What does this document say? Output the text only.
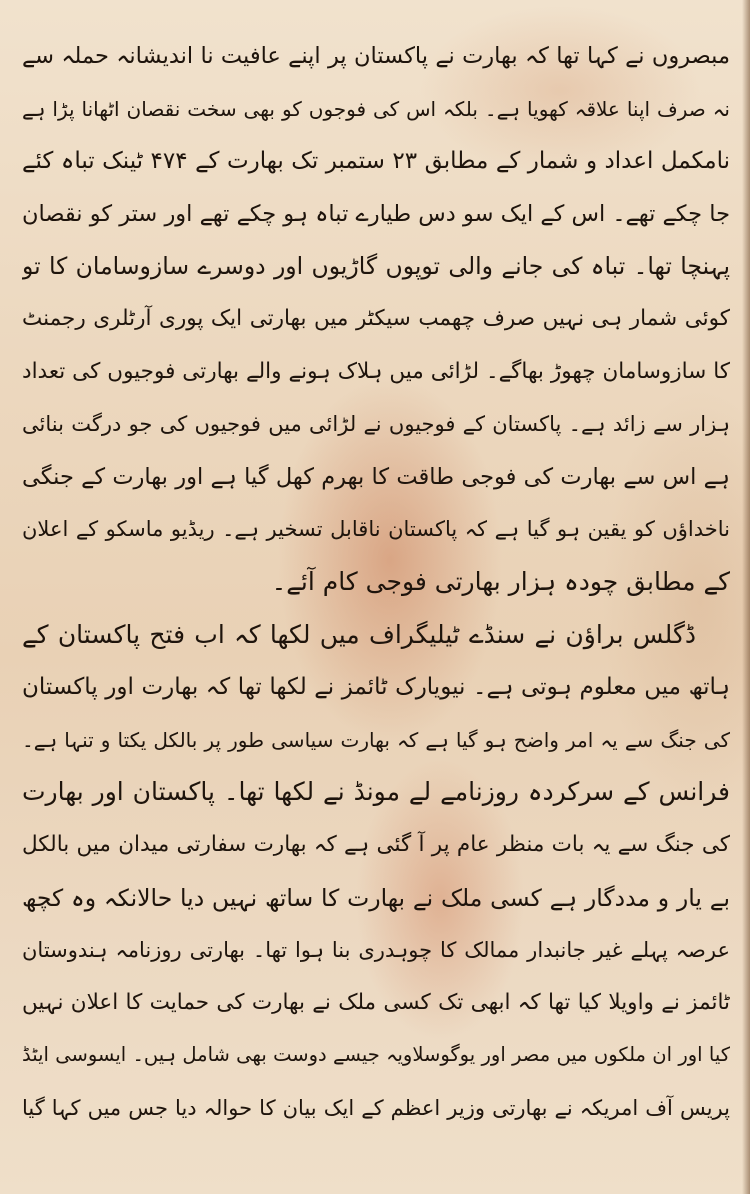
مبصروں نے کہا تھا کہ بھارت نے پاکستان پر اپنے عافیت نا اندیشانہ حملہ سے
نہ صرف اپنا علاقہ کھویا ہے۔ بلکہ اس کی فوجوں کو بھی سخت نقصان اٹھانا پڑا ہے
نامکمل اعداد و شمار کے مطابق ۲۳ ستمبر تک بھارت کے ۴۷۴ ٹینک تباہ کئے
جا چکے تھے۔ اس کے ایک سو دس طیارے تباہ ہو چکے تھے اور ستر کو نقصان
پہنچا تھا۔ تباہ کی جانے والی توپوں گاڑیوں اور دوسرے سازوسامان کا تو
کوئی شمار ہی نہیں صرف چھمب سیکٹر میں بھارتی ایک پوری آرٹلری رجمنٹ
کا سازوسامان چھوڑ بھاگے۔ لڑائی میں ہلاک ہونے والے بھارتی فوجیوں کی تعداد
ہزار سے زائد ہے۔ پاکستان کے فوجیوں نے لڑائی میں فوجیوں کی جو درگت بنائی
ہے اس سے بھارت کی فوجی طاقت کا بھرم کھل گیا ہے اور بھارت کے جنگی
ناخداؤں کو یقین ہو گیا ہے کہ پاکستان ناقابل تسخیر ہے۔ ریڈیو ماسکو کے اعلان
کے مطابق چودہ ہزار بھارتی فوجی کام آئے۔
ڈگلس براؤن نے سنڈے ٹیلیگراف میں لکھا کہ اب فتح پاکستان کے
ہاتھ میں معلوم ہوتی ہے۔ نیویارک ٹائمز نے لکھا تھا کہ بھارت اور پاکستان
کی جنگ سے یہ امر واضح ہو گیا ہے کہ بھارت سیاسی طور پر بالکل یکتا و تنہا ہے۔
فرانس کے سرکردہ روزنامے لے مونڈ نے لکھا تھا۔ پاکستان اور بھارت
کی جنگ سے یہ بات منظر عام پر آ گئی ہے کہ بھارت سفارتی میدان میں بالکل
بے یار و مددگار ہے کسی ملک نے بھارت کا ساتھ نہیں دیا حالانکہ وہ کچھ
عرصہ پہلے غیر جانبدار ممالک کا چوہدری بنا ہوا تھا۔ بھارتی روزنامہ ہندوستان
ٹائمز نے واویلا کیا تھا کہ ابھی تک کسی ملک نے بھارت کی حمایت کا اعلان نہیں
کیا اور ان ملکوں میں مصر اور یوگوسلاویہ جیسے دوست بھی شامل ہیں۔ ایسوسی ایٹڈ
پریس آف امریکہ نے بھارتی وزیر اعظم کے ایک بیان کا حوالہ دیا جس میں کہا گیا
